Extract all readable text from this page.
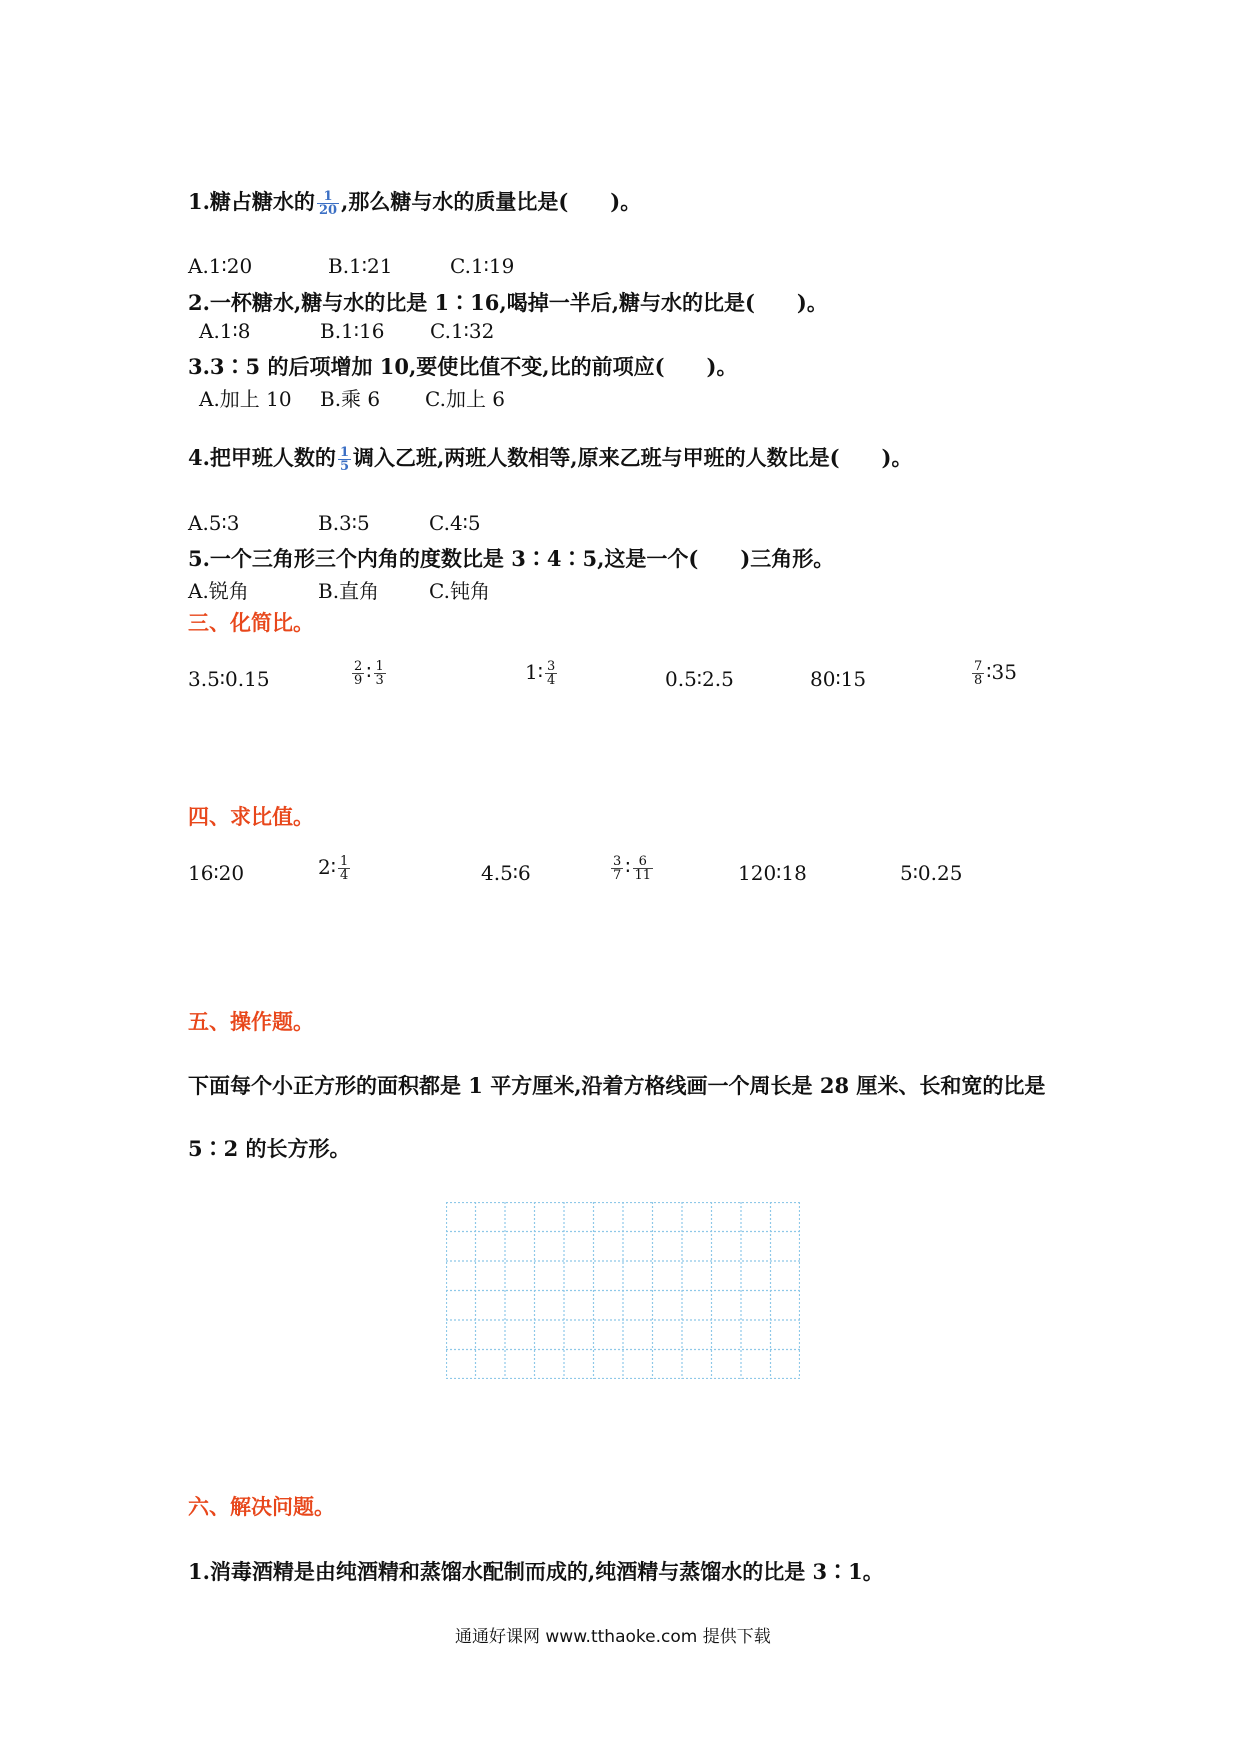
1.糖占糖水的 $\frac{1}{20}$ ,那么糖与水的质量比是(　　)。
A.1∶20	B.1∶21	C.1∶19
2.一杯糖水,糖与水的比是 1∶16,喝掉一半后,糖与水的比是(　　)。
A.1∶8	B.1∶16 C.1∶32
3.3∶5 的后项增加 10,要使比值不变,比的前项应(　　)。
A.加上 10 B.乘 6 C.加上 6
4.把甲班人数的 $\frac{1}{5}$ 调入乙班,两班人数相等,原来乙班与甲班的人数比是(　　)。
A.5∶3	B.3∶5	C.4∶5
5.一个三角形三个内角的度数比是 3∶4∶5,这是一个(　　)三角形。
A.锐角	B.直角 C.钝角
三、化简比。
3.5∶0.15	$\frac{2}{9}$ ∶ $\frac{1}{3}$	1∶ $\frac{3}{4}$	0.5∶2.5	80∶15	$\frac{7}{8}$ ∶35
四、求比值。
16∶20	2∶ $\frac{1}{4}$	4.5∶6	$\frac{3}{7}$ ∶ $\frac{6}{11}$	120∶18	5∶0.25
五、操作题。
下面每个小正方形的面积都是 1 平方厘米,沿着方格线画一个周长是 28 厘米、长和宽的比是
5∶2 的长方形。
六、解决问题。
1.消毒酒精是由纯酒精和蒸馏水配制而成的,纯酒精与蒸馏水的比是 3∶1。
通通好课网 www.tthaoke.com 提供下载
